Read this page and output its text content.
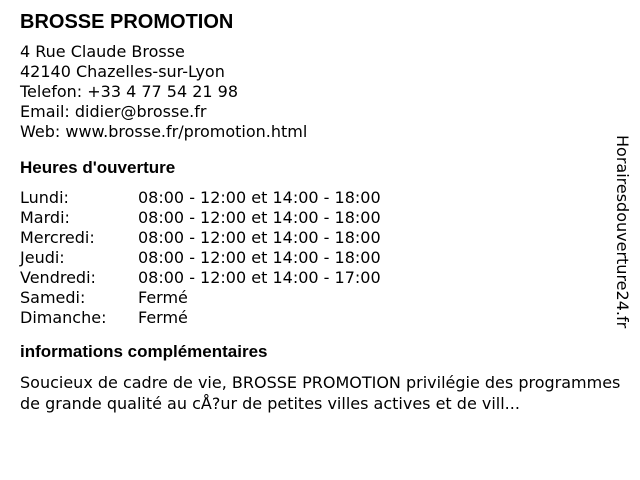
BROSSE PROMOTION
4 Rue Claude Brosse
42140 Chazelles-sur-Lyon
Telefon: +33 4 77 54 21 98
Email: didier@brosse.fr
Web: www.brosse.fr/promotion.html
Heures d'ouverture
Lundi:	08:00 - 12:00 et 14:00 - 18:00
Mardi:	08:00 - 12:00 et 14:00 - 18:00
Mercredi:	08:00 - 12:00 et 14:00 - 18:00
Jeudi:	08:00 - 12:00 et 14:00 - 18:00
Vendredi:	08:00 - 12:00 et 14:00 - 17:00
Samedi:	Fermé
Dimanche:	Fermé
informations complémentaires
Soucieux de cadre de vie, BROSSE PROMOTION privilégie des programmes de grande qualité au cÅ?ur de petites villes actives et de vill...
Horairesdouverture24.fr
